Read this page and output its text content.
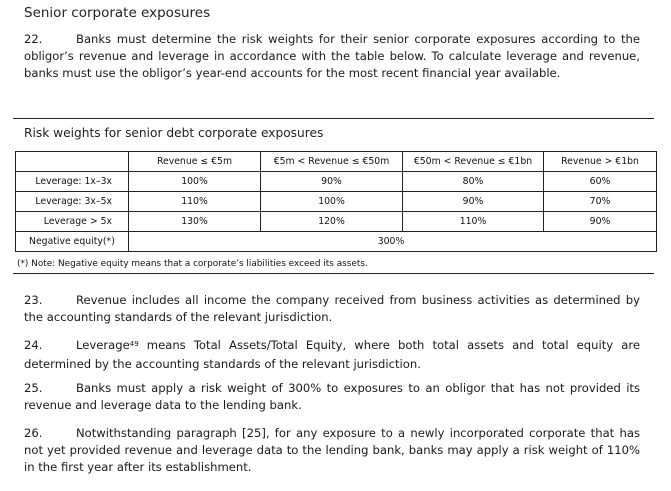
Senior corporate exposures
22.	Banks must determine the risk weights for their senior corporate exposures according to the obligor’s revenue and leverage in accordance with the table below. To calculate leverage and revenue, banks must use the obligor’s year-end accounts for the most recent financial year available.
Risk weights for senior debt corporate exposures
	Revenue ≤ €5m	€5m < Revenue ≤ €50m	€50m < Revenue ≤ €1bn	Revenue > €1bn
Leverage: 1x–3x	100%	90%	80%	60%
Leverage: 3x–5x	110%	100%	90%	70%
Leverage > 5x	130%	120%	110%	90%
Negative equity(*)	300%			
(*) Note: Negative equity means that a corporate’s liabilities exceed its assets.
23.	Revenue includes all income the company received from business activities as determined by the accounting standards of the relevant jurisdiction.
24.	Leverage$^{49}$ means Total Assets/Total Equity, where both total assets and total equity are determined by the accounting standards of the relevant jurisdiction.
25.	Banks must apply a risk weight of 300% to exposures to an obligor that has not provided its revenue and leverage data to the lending bank.
26.	Notwithstanding paragraph [25], for any exposure to a newly incorporated corporate that has not yet provided revenue and leverage data to the lending bank, banks may apply a risk weight of 110% in the first year after its establishment.
